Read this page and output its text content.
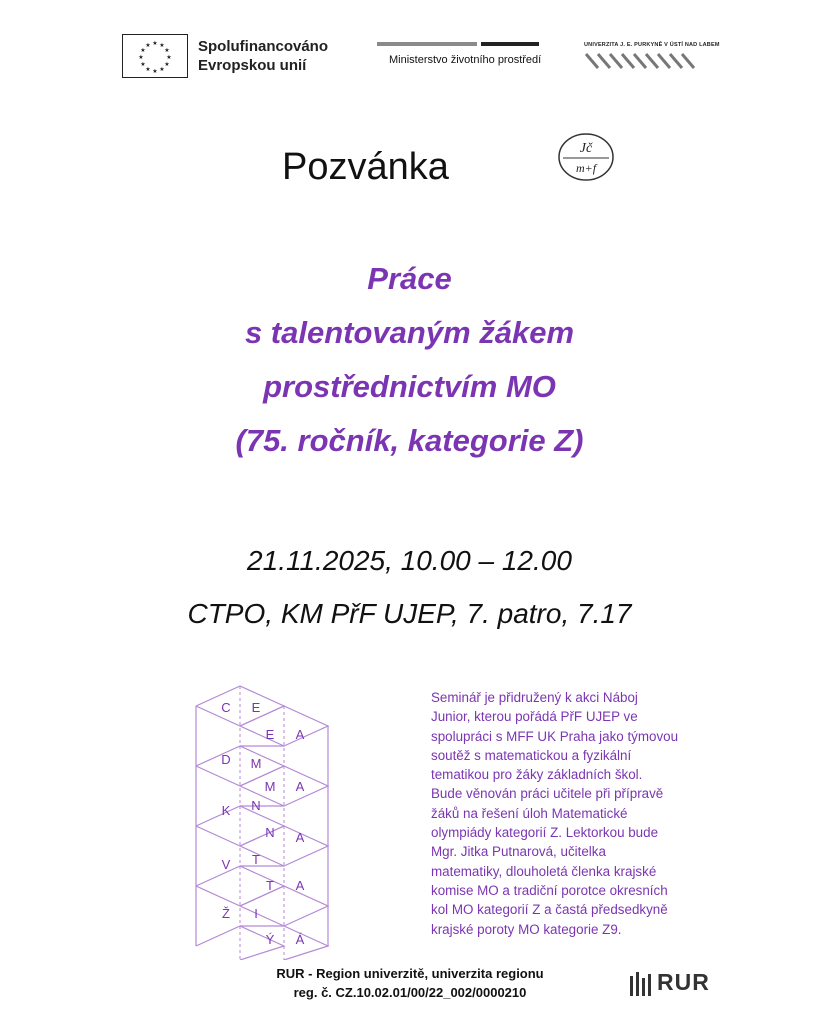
★ ★
★
★
★
★
★
★
★
★
★
★	Spolufinancováno
Evropskou unií	Ministerstvo životního prostředí
UNIVERZITA J. E. PURKYNĚ V ÚSTÍ NAD LABEM
Pozvánka	Jč
m+f
Práce
s talentovaným žákem
prostřednictvím MO
(75. ročník, kategorie Z)
21.11.2025, 10.00 – 12.00
CTPO, KM PřF UJEP, 7. patro, 7.17
C E
E A
D M
M A
K N
N A
V T
T A
Ž I
Ý Á
Seminář je přidružený k akci Náboj
Junior, kterou pořádá PřF UJEP ve
spolupráci s MFF UK Praha jako týmovou
soutěž s matematickou a fyzikální
tematikou pro žáky základních škol.
Bude věnován práci učitele při přípravě
žáků na řešení úloh Matematické
olympiády kategorií Z. Lektorkou bude
Mgr. Jitka Putnarová, učitelka
matematiky, dlouholetá členka krajské
komise MO a tradiční porotce okresních
kol MO kategorií Z a častá předsedkyně
krajské poroty MO kategorie Z9.
RUR - Region univerzitě, univerzita regionu
reg. č. CZ.10.02.01/00/22_002/0000210	RUR
